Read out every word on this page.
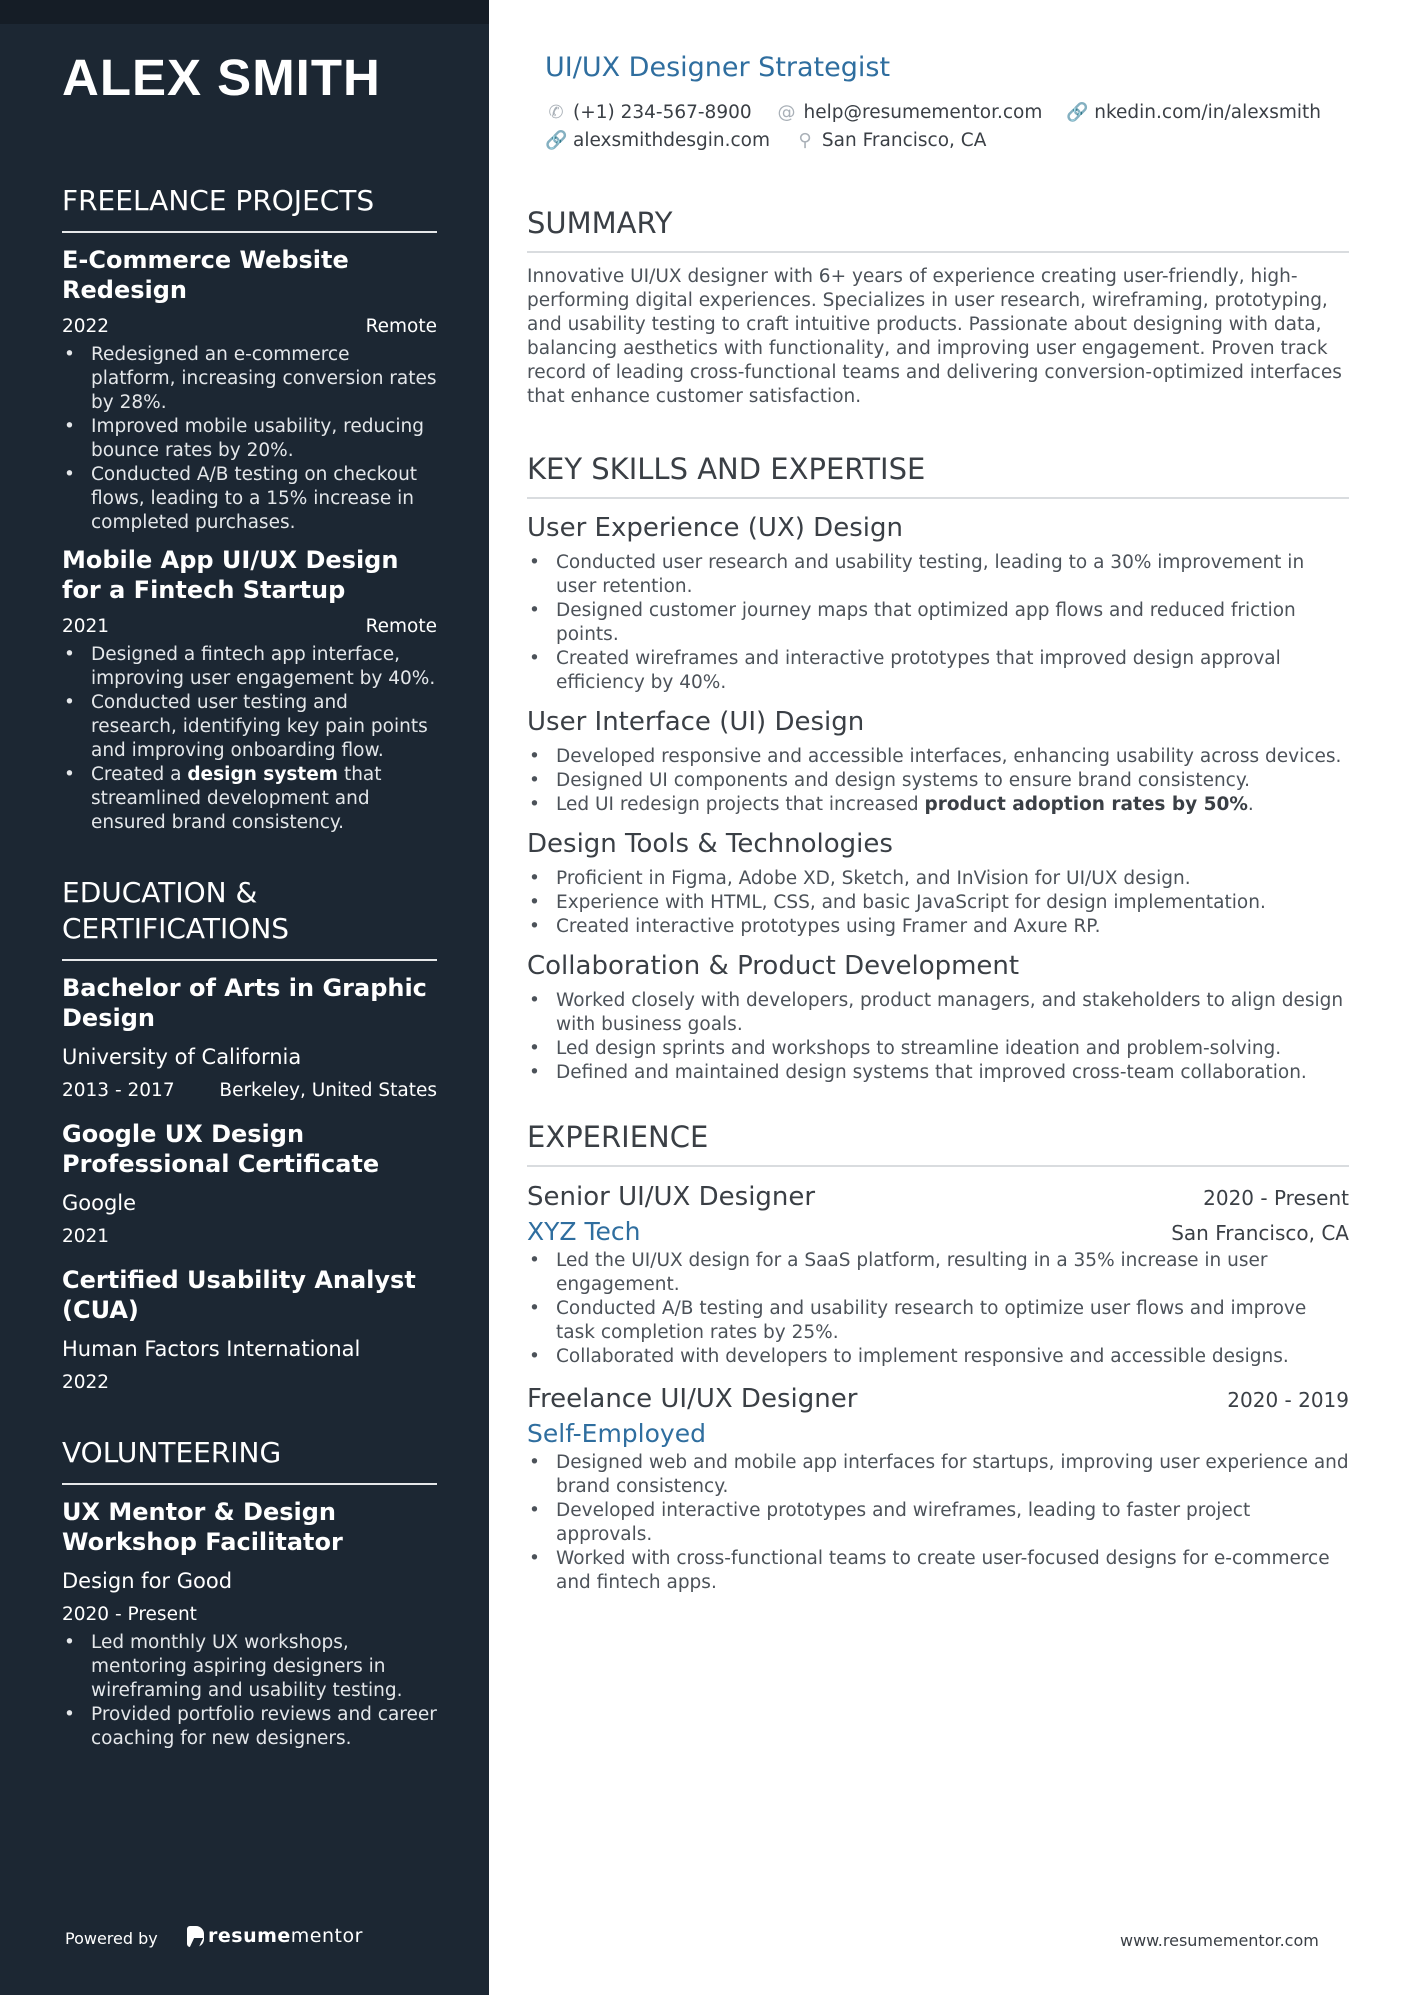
ALEX SMITH
FREELANCE PROJECTS
E-Commerce Website Redesign
2022	Remote
• Redesigned an e-commerce platform, increasing conversion rates by 28%.
• Improved mobile usability, reducing bounce rates by 20%.
• Conducted A/B testing on checkout flows, leading to a 15% increase in completed purchases.
Mobile App UI/UX Design for a Fintech Startup
2021	Remote
• Designed a fintech app interface, improving user engagement by 40%.
• Conducted user testing and research, identifying key pain points and improving onboarding flow.
• Created a design system that streamlined development and ensured brand consistency.
EDUCATION & CERTIFICATIONS
Bachelor of Arts in Graphic Design
University of California
2013 - 2017 Berkeley, United States
Google UX Design Professional Certificate
Google
2021
Certified Usability Analyst (CUA)
Human Factors International
2022
VOLUNTEERING
UX Mentor & Design Workshop Facilitator
Design for Good
2020 - Present
• Led monthly UX workshops, mentoring aspiring designers in wireframing and usability testing.
• Provided portfolio reviews and career coaching for new designers.
Powered by	resumementor
UI/UX Designer Strategist
✆ (+1) 234-567-8900
@ help@resumementor.com
🔗 nkedin.com/in/alexsmith

🔗 alexsmithdesgin.com
⚲ San Francisco, CA
SUMMARY
Innovative UI/UX designer with 6+ years of experience creating user-friendly, high-performing digital experiences. Specializes in user research, wireframing, prototyping, and usability testing to craft intuitive products. Passionate about designing with data, balancing aesthetics with functionality, and improving user engagement. Proven track record of leading cross-functional teams and delivering conversion-optimized interfaces that enhance customer satisfaction.
KEY SKILLS AND EXPERTISE
User Experience (UX) Design
• Conducted user research and usability testing, leading to a 30% improvement in user retention.
• Designed customer journey maps that optimized app flows and reduced friction points.
• Created wireframes and interactive prototypes that improved design approval efficiency by 40%.
User Interface (UI) Design
• Developed responsive and accessible interfaces, enhancing usability across devices.
• Designed UI components and design systems to ensure brand consistency.
• Led UI redesign projects that increased product adoption rates by 50%.
Design Tools & Technologies
• Proficient in Figma, Adobe XD, Sketch, and InVision for UI/UX design.
• Experience with HTML, CSS, and basic JavaScript for design implementation.
• Created interactive prototypes using Framer and Axure RP.
Collaboration & Product Development
• Worked closely with developers, product managers, and stakeholders to align design with business goals.
• Led design sprints and workshops to streamline ideation and problem-solving.
• Defined and maintained design systems that improved cross-team collaboration.
EXPERIENCE
Senior UI/UX Designer	2020 - Present
XYZ Tech	San Francisco, CA
• Led the UI/UX design for a SaaS platform, resulting in a 35% increase in user engagement.
• Conducted A/B testing and usability research to optimize user flows and improve task completion rates by 25%.
• Collaborated with developers to implement responsive and accessible designs.
Freelance UI/UX Designer	2020 - 2019
Self-Employed
• Designed web and mobile app interfaces for startups, improving user experience and brand consistency.
• Developed interactive prototypes and wireframes, leading to faster project approvals.
• Worked with cross-functional teams to create user-focused designs for e-commerce and fintech apps.
www.resumementor.com
